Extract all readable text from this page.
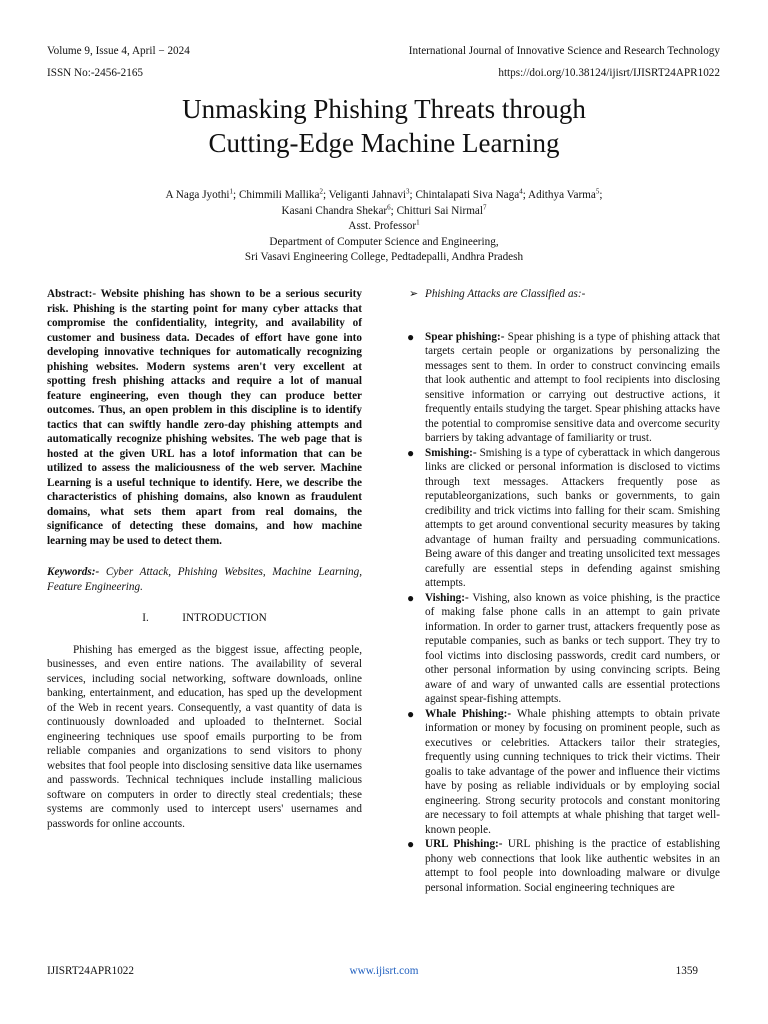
Volume 9, Issue 4, April − 2024	International Journal of Innovative Science and Research Technology
ISSN No:-2456-2165	https://doi.org/10.38124/ijisrt/IJISRT24APR1022
Unmasking Phishing Threats through
Cutting-Edge Machine Learning
A Naga Jyothi$^1$; Chimmili Mallika$^2$; Veliganti Jahnavi$^3$; Chintalapati Siva Naga$^4$; Adithya Varma$^5$;
Kasani Chandra Shekar$^6$; Chitturi Sai Nirmal$^7$
Asst. Professor$^1$
Department of Computer Science and Engineering,
Sri Vasavi Engineering College, Pedtadepalli, Andhra Pradesh

Abstract:- Website phishing has shown to be a serious security risk. Phishing is the starting point for many cyber attacks that compromise the confidentiality, integrity, and availability of customer and business data. Decades of effort have gone into developing innovative techniques for automatically recognizing phishing websites. Modern systems aren't very excellent at spotting fresh phishing attacks and require a lot of manual feature engineering, even though they can produce better outcomes. Thus, an open problem in this discipline is to identify tactics that can swiftly handle zero-day phishing attempts and automatically recognize phishing websites. The web page that is hosted at the given URL has a lotof information that can be utilized to assess the maliciousness of the web server. Machine Learning is a useful technique to identify. Here, we describe the characteristics of phishing domains, also known as fraudulent domains, what sets them apart from real domains, the significance of detecting these domains, and how machine learning may be used to detect them.

Keywords:- Cyber Attack, Phishing Websites, Machine Learning, Feature Engineering.

I.	INTRODUCTION

Phishing has emerged as the biggest issue, affecting people, businesses, and even entire nations. The availability of several services, including social networking, software downloads, online banking, entertainment, and education, has sped up the development of the Web in recent years. Consequently, a vast quantity of data is continuously downloaded and uploaded to theInternet. Social engineering techniques use spoof emails purporting to be from reliable companies and organizations to send visitors to phony websites that fool people into disclosing sensitive data like usernames and passwords. Technical techniques include installing malicious software on computers in order to directly steal credentials; these systems are commonly used to intercept users' usernames and passwords for online accounts.

➢ Phishing Attacks are Classified as:-
● Spear phishing:- Spear phishing is a type of phishing attack that targets certain people or organizations by personalizing the messages sent to them. In order to construct convincing emails that look authentic and attempt to fool recipients into disclosing sensitive information or carrying out destructive actions, it frequently entails studying the target. Spear phishing attacks have the potential to compromise sensitive data and overcome security barriers by taking advantage of familiarity or trust.
● Smishing:- Smishing is a type of cyberattack in which dangerous links are clicked or personal information is disclosed to victims through text messages. Attackers frequently pose as reputableorganizations, such banks or governments, to gain credibility and trick victims into falling for their scam. Smishing attempts to get around conventional security measures by taking advantage of human frailty and persuading communications. Being aware of this danger and treating unsolicited text messages carefully are essential steps in defending against smishing attempts.
● Vishing:- Vishing, also known as voice phishing, is the practice of making false phone calls in an attempt to gain private information. In order to garner trust, attackers frequently pose as reputable companies, such as banks or tech support. They try to fool victims into disclosing passwords, credit card numbers, or other personal information by using convincing scripts. Being aware of and wary of unwanted calls are essential protections against spear-fishing attempts.
● Whale Phishing:- Whale phishing attempts to obtain private information or money by focusing on prominent people, such as executives or celebrities. Attackers tailor their strategies, frequently using cunning techniques to trick their victims. Their goalis to take advantage of the power and influence their victims have by posing as reliable individuals or by employing social engineering. Strong security protocols and constant monitoring are necessary to foil attempts at whale phishing that target well- known people.
● URL Phishing:- URL phishing is the practice of establishing phony web connections that look like authentic websites in an attempt to fool people into downloading malware or divulge personal information. Social engineering techniques are
IJISRT24APR1022	www.ijisrt.com	1359
